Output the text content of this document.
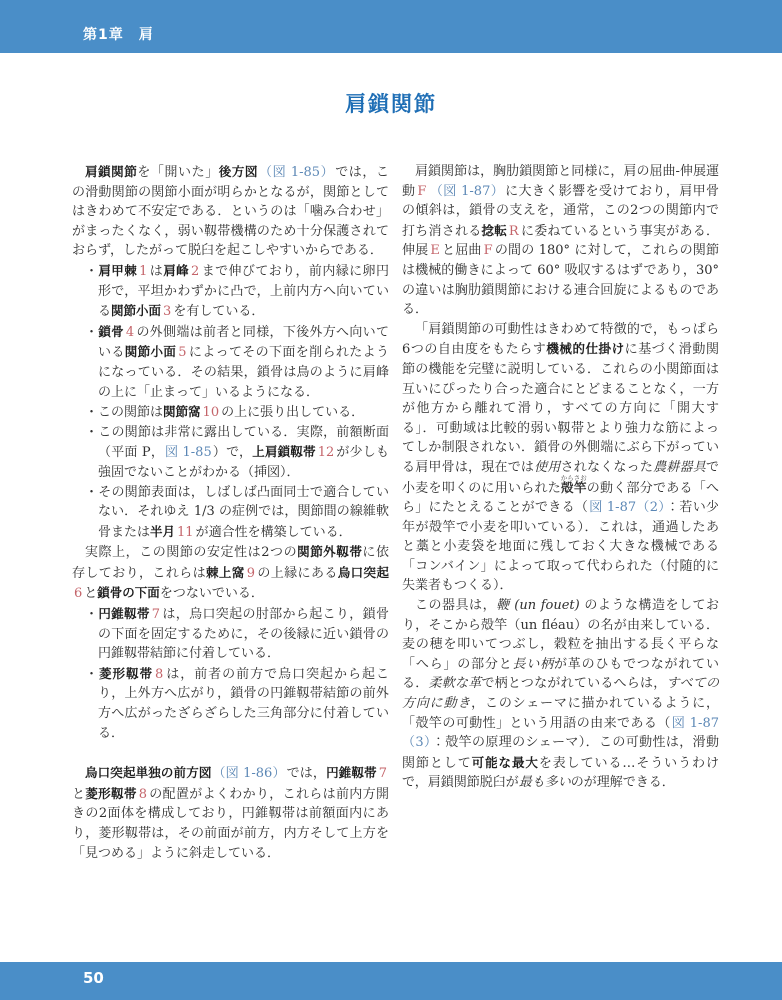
第1章　肩
肩鎖関節

肩鎖関節を「開いた」後方図（図 1-85）では，この滑動関節の関節小面が明らかとなるが，関節としてはきわめて不安定である．というのは「噛み合わせ」がまったくなく，弱い靱帯機構のため十分保護されておらず，したがって脱臼を起こしやすいからである．

・肩甲棘 1 は肩峰 2 まで伸びており，前内縁に卵円形で，平坦かわずかに凸で，上前内方へ向いている関節小面 3 を有している．

・鎖骨 4 の外側端は前者と同様，下後外方へ向いている関節小面 5 によってその下面を削られたようになっている．その結果，鎖骨は鳥のように肩峰の上に「止まって」いるようになる．

・この関節は関節窩 10 の上に張り出している．

・この関節は非常に露出している．実際，前額断面（平面 P，図 1-85）で，上肩鎖靱帯 12 が少しも強固でないことがわかる（挿図）．

・その関節表面は，しばしば凸面同士で適合していない．それゆえ 1/3 の症例では，関節間の線維軟骨または半月 11 が適合性を構築している．

実際上，この関節の安定性は2つの関節外靱帯に依存しており，これらは棘上窩 9 の上縁にある烏口突起6 と鎖骨の下面をつないでいる．

・円錐靱帯 7 は，烏口突起の肘部から起こり，鎖骨の下面を固定するために，その後縁に近い鎖骨の円錐靱帯結節に付着している．

・菱形靱帯 8 は，前者の前方で烏口突起から起こり，上外方へ広がり，鎖骨の円錐靱帯結節の前外方へ広がったざらざらした三角部分に付着している．

烏口突起単独の前方図（図 1-86）では，円錐靱帯 7と菱形靱帯 8 の配置がよくわかり，これらは前内方開きの2面体を構成しており，円錐靱帯は前額面内にあり，菱形靱帯は，その前面が前方，内方そして上方を「見つめる」ように斜走している．

肩鎖関節は，胸肋鎖関節と同様に，肩の屈曲-伸展運動 F （図 1-87）に大きく影響を受けており，肩甲骨の傾斜は，鎖骨の支えを，通常，この2つの関節内で打ち消される捻転 R に委ねているという事実がある．伸展 E と屈曲 F の間の 180° に対して，これらの関節は機械的働きによって 60° 吸収するはずであり，30° の違いは胸肋鎖関節における連合回旋によるものである．

「肩鎖関節の可動性はきわめて特徴的で，もっぱら6つの自由度をもたらす機械的仕掛けに基づく滑動関節の機能を完璧に説明している．これらの小関節面は互いにぴったり合った適合にとどまることなく，一方が他方から離れて滑り，すべての方向に「開大する」．可動域は比較的弱い靱帯とより強力な筋によってしか制限されない．鎖骨の外側端にぶら下がっている肩甲骨は，現在では使用されなくなった農耕器具で小麦を叩くのに用いられた殻竿からさおの動く部分である「へら」にたとえることができる（図 1-87（2）：若い少年が殻竿で小麦を叩いている）．これは，通過したあと藁と小麦袋を地面に残しておく大きな機械である「コンバイン」によって取って代わられた（付随的に失業者もつくる）．

この器具は，鞭 (un fouet) のような構造をしており，そこから殻竿（un fléau）の名が由来している．麦の穂を叩いてつぶし，穀粒を抽出する長く平らな「へら」の部分と長い柄が革のひもでつながれている．柔軟な革で柄とつながれているへらは，すべての方向に動き，このシェーマに描かれているように，「殻竿の可動性」という用語の由来である（図 1-87（3）：殻竿の原理のシェーマ）．この可動性は，滑動関節として可能な最大を表している…そういうわけで，肩鎖関節脱臼が最も多いのが理解できる．

50
